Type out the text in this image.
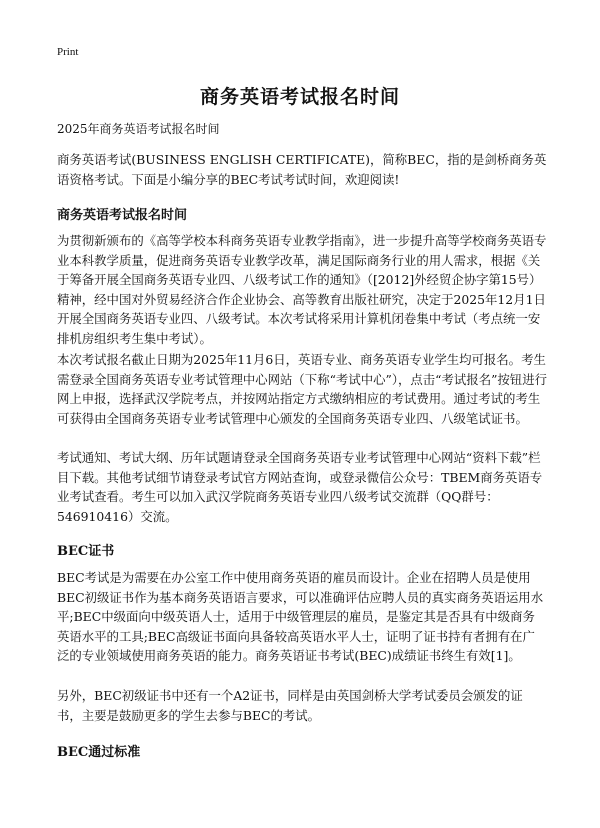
Print
商务英语考试报名时间
2025年商务英语考试报名时间
商务英语考试(BUSINESS ENGLISH CERTIFICATE)，简称BEC，指的是剑桥商务英语资格考试。下面是小编分享的BEC考试考试时间，欢迎阅读!
商务英语考试报名时间
为贯彻新颁布的《高等学校本科商务英语专业教学指南》，进一步提升高等学校商务英语专业本科教学质量，促进商务英语专业教学改革，满足国际商务行业的用人需求，根据《关于筹备开展全国商务英语专业四、八级考试工作的通知》（[2012]外经贸企协字第15号）精神，经中国对外贸易经济合作企业协会、高等教育出版社研究，决定于2025年12月1日开展全国商务英语专业四、八级考试。本次考试将采用计算机闭卷集中考试（考点统一安排机房组织考生集中考试）。
本次考试报名截止日期为2025年11月6日，英语专业、商务英语专业学生均可报名。考生需登录全国商务英语专业考试管理中心网站（下称“考试中心”），点击“考试报名”按钮进行网上申报，选择武汉学院考点，并按网站指定方式缴纳相应的考试费用。通过考试的考生可获得由全国商务英语专业考试管理中心颁发的全国商务英语专业四、八级笔试证书。
考试通知、考试大纲、历年试题请登录全国商务英语专业考试管理中心网站“资料下载”栏目下载。其他考试细节请登录考试官方网站查询，或登录微信公众号：TBEM商务英语专业考试查看。考生可以加入武汉学院商务英语专业四八级考试交流群（QQ群号：546910416）交流。
BEC证书
BEC考试是为需要在办公室工作中使用商务英语的雇员而设计。企业在招聘人员是使用BEC初级证书作为基本商务英语语言要求，可以准确评估应聘人员的真实商务英语运用水平;BEC中级面向中级英语人士，适用于中级管理层的雇员，是鉴定其是否具有中级商务英语水平的工具;BEC高级证书面向具备较高英语水平人士，证明了证书持有者拥有在广泛的专业领域使用商务英语的能力。商务英语证书考试(BEC)成绩证书终生有效[1]。
另外，BEC初级证书中还有一个A2证书，同样是由英国剑桥大学考试委员会颁发的证书，主要是鼓励更多的学生去参与BEC的考试。
BEC通过标准
